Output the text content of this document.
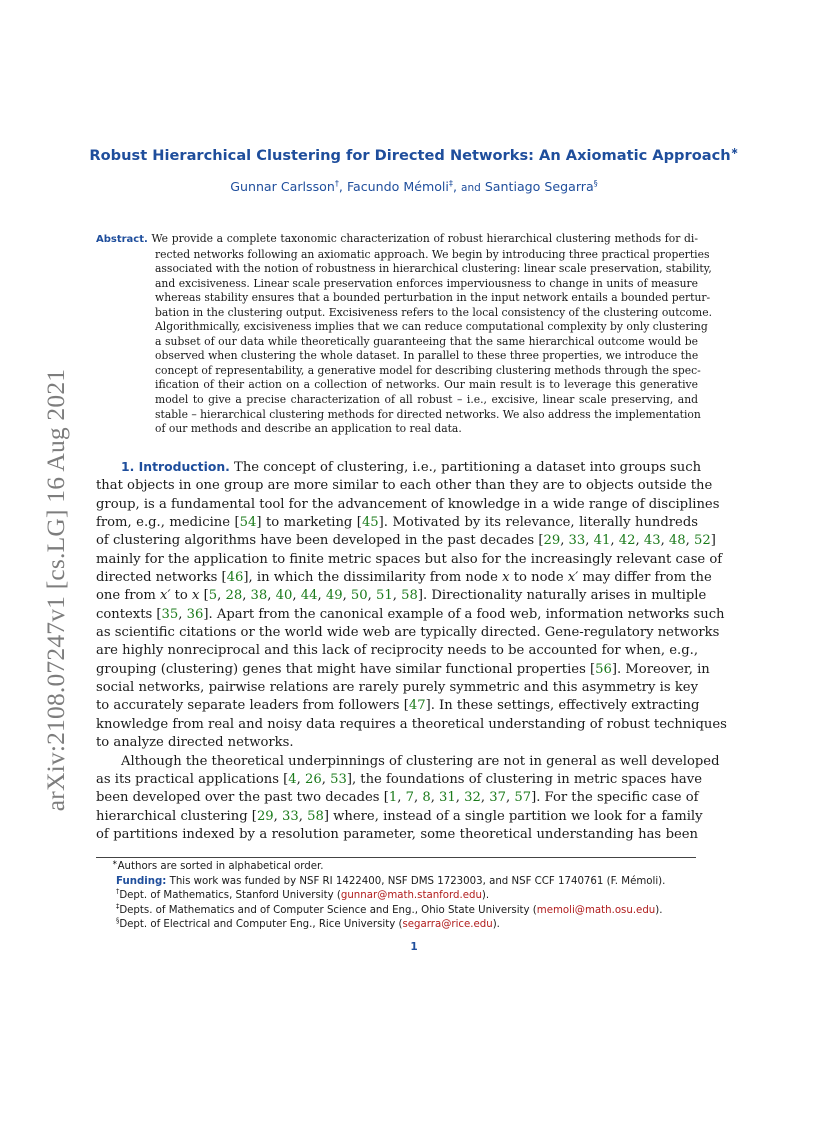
arXiv:2108.07247v1 [cs.LG] 16 Aug 2021
Robust Hierarchical Clustering for Directed Networks: An Axiomatic Approach∗
Gunnar Carlsson†, Facundo Mémoli‡, and Santiago Segarra§
Abstract. We provide a complete taxonomic characterization of robust hierarchical clustering methods for di-
rected networks following an axiomatic approach. We begin by introducing three practical properties
associated with the notion of robustness in hierarchical clustering: linear scale preservation, stability,
and excisiveness. Linear scale preservation enforces imperviousness to change in units of measure
whereas stability ensures that a bounded perturbation in the input network entails a bounded pertur-
bation in the clustering output. Excisiveness refers to the local consistency of the clustering outcome.
Algorithmically, excisiveness implies that we can reduce computational complexity by only clustering
a subset of our data while theoretically guaranteeing that the same hierarchical outcome would be
observed when clustering the whole dataset. In parallel to these three properties, we introduce the
concept of representability, a generative model for describing clustering methods through the spec-
ification of their action on a collection of networks. Our main result is to leverage this generative
model to give a precise characterization of all robust – i.e., excisive, linear scale preserving, and
stable – hierarchical clustering methods for directed networks. We also address the implementation
of our methods and describe an application to real data.
1. Introduction. The concept of clustering, i.e., partitioning a dataset into groups such
that objects in one group are more similar to each other than they are to objects outside the
group, is a fundamental tool for the advancement of knowledge in a wide range of disciplines
from, e.g., medicine [54] to marketing [45]. Motivated by its relevance, literally hundreds
of clustering algorithms have been developed in the past decades [29, 33, 41, 42, 43, 48, 52]
mainly for the application to finite metric spaces but also for the increasingly relevant case of
directed networks [46], in which the dissimilarity from node x to node x′ may differ from the
one from x′ to x [5, 28, 38, 40, 44, 49, 50, 51, 58]. Directionality naturally arises in multiple
contexts [35, 36]. Apart from the canonical example of a food web, information networks such
as scientific citations or the world wide web are typically directed. Gene-regulatory networks
are highly nonreciprocal and this lack of reciprocity needs to be accounted for when, e.g.,
grouping (clustering) genes that might have similar functional properties [56]. Moreover, in
social networks, pairwise relations are rarely purely symmetric and this asymmetry is key
to accurately separate leaders from followers [47]. In these settings, effectively extracting
knowledge from real and noisy data requires a theoretical understanding of robust techniques
to analyze directed networks.
Although the theoretical underpinnings of clustering are not in general as well developed
as its practical applications [4, 26, 53], the foundations of clustering in metric spaces have
been developed over the past two decades [1, 7, 8, 31, 32, 37, 57]. For the specific case of
hierarchical clustering [29, 33, 58] where, instead of a single partition we look for a family
of partitions indexed by a resolution parameter, some theoretical understanding has been
∗Authors are sorted in alphabetical order.
Funding: This work was funded by NSF RI 1422400, NSF DMS 1723003, and NSF CCF 1740761 (F. Mémoli).
†Dept. of Mathematics, Stanford University (gunnar@math.stanford.edu).
‡Depts. of Mathematics and of Computer Science and Eng., Ohio State University (memoli@math.osu.edu).
§Dept. of Electrical and Computer Eng., Rice University (segarra@rice.edu).
1
